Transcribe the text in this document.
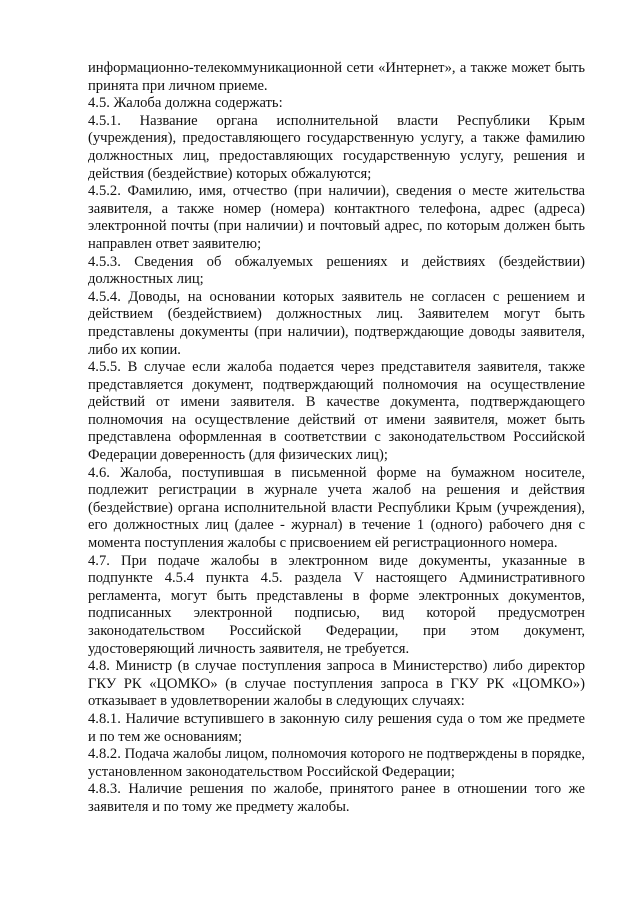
информационно-телекоммуникационной сети «Интернет», а также может быть принята при личном приеме.

4.5. Жалоба должна содержать:

4.5.1. Название органа исполнительной власти Республики Крым (учреждения), предоставляющего государственную услугу, а также фамилию должностных лиц, предоставляющих государственную услугу, решения и действия (бездействие) которых обжалуются;

4.5.2. Фамилию, имя, отчество (при наличии), сведения о месте жительства заявителя, а также номер (номера) контактного телефона, адрес (адреса) электронной почты (при наличии) и почтовый адрес, по которым должен быть направлен ответ заявителю;

4.5.3. Сведения об обжалуемых решениях и действиях (бездействии) должностных лиц;

4.5.4. Доводы, на основании которых заявитель не согласен с решением и действием (бездействием) должностных лиц. Заявителем могут быть представлены документы (при наличии), подтверждающие доводы заявителя, либо их копии.

4.5.5. В случае если жалоба подается через представителя заявителя, также представляется документ, подтверждающий полномочия на осуществление действий от имени заявителя. В качестве документа, подтверждающего полномочия на осуществление действий от имени заявителя, может быть представлена оформленная в соответствии с законодательством Российской Федерации доверенность (для физических лиц);

4.6. Жалоба, поступившая в письменной форме на бумажном носителе, подлежит регистрации в журнале учета жалоб на решения и действия (бездействие) органа исполнительной власти Республики Крым (учреждения), его должностных лиц (далее - журнал) в течение 1 (одного) рабочего дня с момента поступления жалобы с присвоением ей регистрационного номера.

4.7. При подаче жалобы в электронном виде документы, указанные в подпункте 4.5.4 пункта 4.5. раздела V настоящего Административного регламента, могут быть представлены в форме электронных документов, подписанных электронной подписью, вид которой предусмотрен законодательством Российской Федерации, при этом документ, удостоверяющий личность заявителя, не требуется.

4.8. Министр (в случае поступления запроса в Министерство) либо директор ГКУ РК «ЦОМКО» (в случае поступления запроса в ГКУ РК «ЦОМКО») отказывает в удовлетворении жалобы в следующих случаях:

4.8.1. Наличие вступившего в законную силу решения суда о том же предмете и по тем же основаниям;

4.8.2. Подача жалобы лицом, полномочия которого не подтверждены в порядке, установленном законодательством Российской Федерации;

4.8.3. Наличие решения по жалобе, принятого ранее в отношении того же заявителя и по тому же предмету жалобы.
